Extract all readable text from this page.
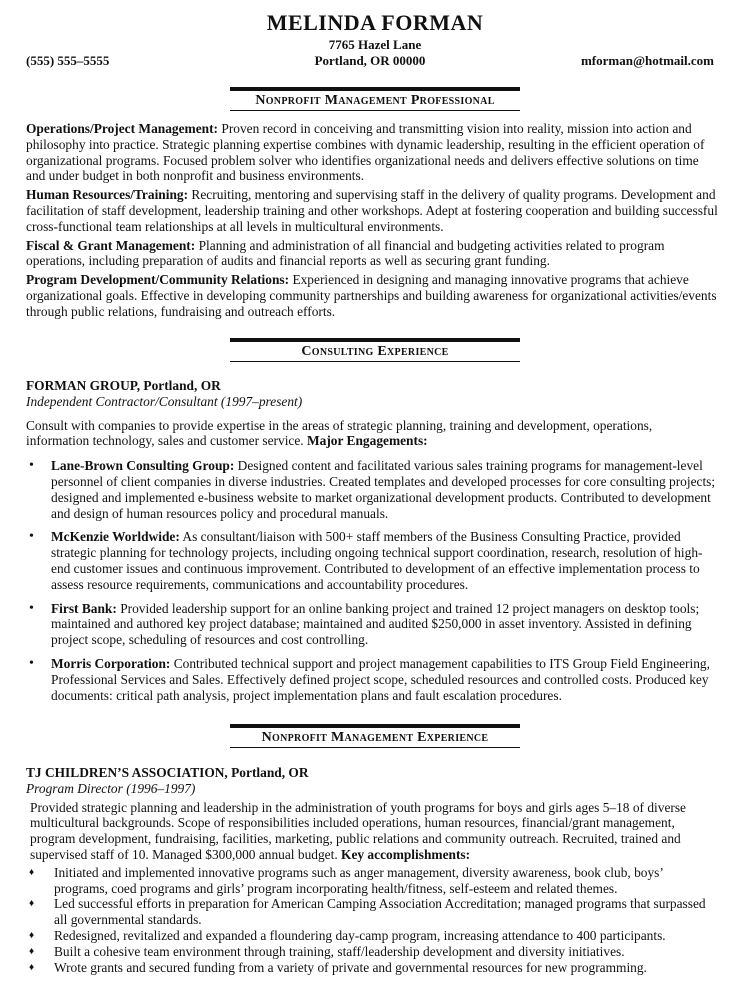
MELINDA FORMAN
7765 Hazel Lane
(555) 555–5555	Portland, OR 00000	mforman@hotmail.com
Nonprofit Management Professional

Operations/Project Management: Proven record in conceiving and transmitting vision into reality, mission into action and philosophy into practice. Strategic planning expertise combines with dynamic leadership, resulting in the efficient operation of organizational programs. Focused problem solver who identifies organizational needs and delivers effective solutions on time and under budget in both nonprofit and business environments.

Human Resources/Training: Recruiting, mentoring and supervising staff in the delivery of quality programs. Development and facilitation of staff development, leadership training and other workshops. Adept at fostering cooperation and building successful cross-functional team relationships at all levels in multicultural environments.

Fiscal & Grant Management: Planning and administration of all financial and budgeting activities related to program operations, including preparation of audits and financial reports as well as securing grant funding.

Program Development/Community Relations: Experienced in designing and managing innovative programs that achieve organizational goals. Effective in developing community partnerships and building awareness for organizational activities/events through public relations, fundraising and outreach efforts.

Consulting Experience
FORMAN GROUP, Portland, OR
Independent Contractor/Consultant (1997–present)

Consult with companies to provide expertise in the areas of strategic planning, training and development, operations, information technology, sales and customer service. Major Engagements:

• Lane-Brown Consulting Group: Designed content and facilitated various sales training programs for management-level personnel of client companies in diverse industries. Created templates and developed processes for core consulting projects; designed and implemented e-business website to market organizational development products. Contributed to development and design of human resources policy and procedural manuals.
• McKenzie Worldwide: As consultant/liaison with 500+ staff members of the Business Consulting Practice, provided strategic planning for technology projects, including ongoing technical support coordination, research, resolution of high-end customer issues and continuous improvement. Contributed to development of an effective implementation process to assess resource requirements, communications and accountability procedures.
• First Bank: Provided leadership support for an online banking project and trained 12 project managers on desktop tools; maintained and authored key project database; maintained and audited $250,000 in asset inventory. Assisted in defining project scope, scheduling of resources and cost controlling.
• Morris Corporation: Contributed technical support and project management capabilities to ITS Group Field Engineering, Professional Services and Sales. Effectively defined project scope, scheduled resources and controlled costs. Produced key documents: critical path analysis, project implementation plans and fault escalation procedures.
Nonprofit Management Experience
TJ CHILDREN’S ASSOCIATION, Portland, OR
Program Director (1996–1997)

Provided strategic planning and leadership in the administration of youth programs for boys and girls ages 5–18 of diverse multicultural backgrounds. Scope of responsibilities included operations, human resources, financial/grant management, program development, fundraising, facilities, marketing, public relations and community outreach. Recruited, trained and supervised staff of 10. Managed $300,000 annual budget. Key accomplishments:

♦ Initiated and implemented innovative programs such as anger management, diversity awareness, book club, boys’ programs, coed programs and girls’ program incorporating health/fitness, self-esteem and related themes.
♦ Led successful efforts in preparation for American Camping Association Accreditation; managed programs that surpassed all governmental standards.
♦ Redesigned, revitalized and expanded a floundering day-camp program, increasing attendance to 400 participants.
♦ Built a cohesive team environment through training, staff/leadership development and diversity initiatives.
♦ Wrote grants and secured funding from a variety of private and governmental resources for new programming.
